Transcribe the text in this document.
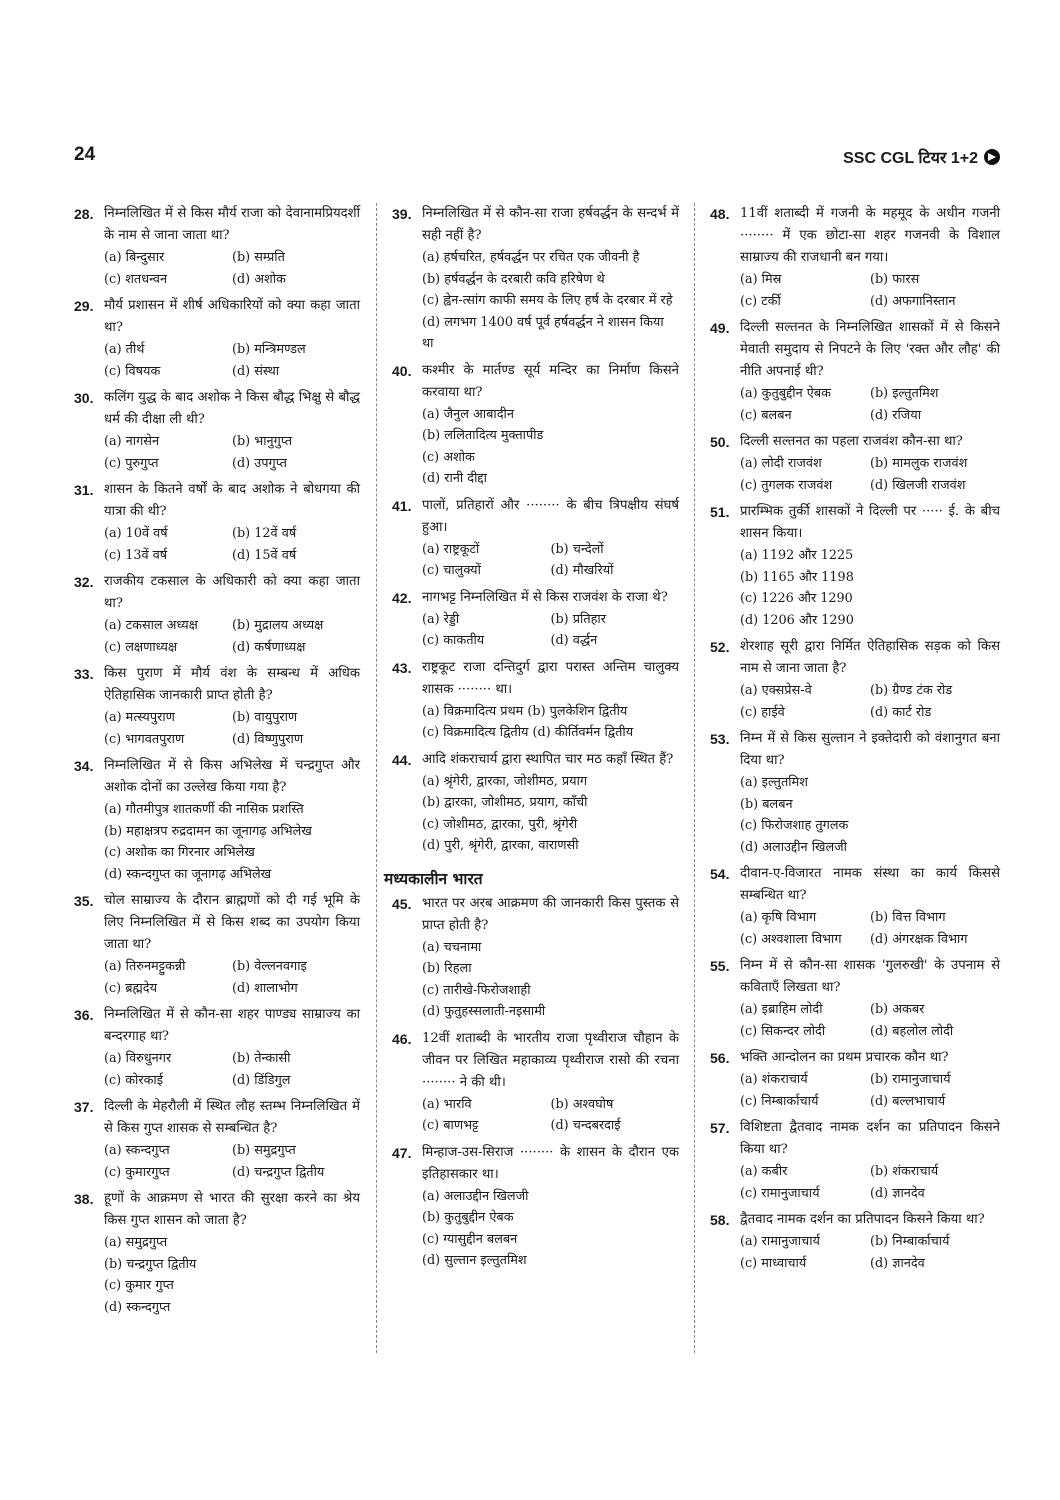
24	SSC CGL टियर 1+2
28. निम्नलिखित में से किस मौर्य राजा को देवानामप्रियदर्शी के नाम से जाना जाता था?
(a) बिन्दुसार	(b) सम्प्रति
(c) शतधन्वन	(d) अशोक
29. मौर्य प्रशासन में शीर्ष अधिकारियों को क्या कहा जाता था?
(a) तीर्थ	(b) मन्त्रिमण्डल
(c) विषयक	(d) संस्था
30. कलिंग युद्ध के बाद अशोक ने किस बौद्ध भिक्षु से बौद्ध धर्म की दीक्षा ली थी?
(a) नागसेन	(b) भानुगुप्त
(c) पुरुगुप्त	(d) उपगुप्त
31. शासन के कितने वर्षों के बाद अशोक ने बोधगया की यात्रा की थी?
(a) 10वें वर्ष	(b) 12वें वर्ष
(c) 13वें वर्ष	(d) 15वें वर्ष
32. राजकीय टकसाल के अधिकारी को क्या कहा जाता था?
(a) टकसाल अध्यक्ष	(b) मुद्रालय अध्यक्ष
(c) लक्षणाध्यक्ष	(d) कर्षणाध्यक्ष
33. किस पुराण में मौर्य वंश के सम्बन्ध में अधिक ऐतिहासिक जानकारी प्राप्त होती है?
(a) मत्स्यपुराण	(b) वायुपुराण
(c) भागवतपुराण	(d) विष्णुपुराण
34. निम्नलिखित में से किस अभिलेख में चन्द्रगुप्त और अशोक दोनों का उल्लेख किया गया है?
(a) गौतमीपुत्र शातकर्णी की नासिक प्रशस्ति
(b) महाक्षत्रप रुद्रदामन का जूनागढ़ अभिलेख
(c) अशोक का गिरनार अभिलेख
(d) स्कन्दगुप्त का जूनागढ़ अभिलेख
35. चोल साम्राज्य के दौरान ब्राह्मणों को दी गई भूमि के लिए निम्नलिखित में से किस शब्द का उपयोग किया जाता था?
(a) तिरुनमट्टुकन्नी	(b) वेल्लनवगाइ
(c) ब्रह्मदेय	(d) शालाभोग
36. निम्नलिखित में से कौन-सा शहर पाण्ड्य साम्राज्य का बन्दरगाह था?
(a) विरुधुनगर	(b) तेन्कासी
(c) कोरकाई	(d) डिंडिगुल
37. दिल्ली के मेहरौली में स्थित लौह स्तम्भ निम्नलिखित में से किस गुप्त शासक से सम्बन्धित है?
(a) स्कन्दगुप्त	(b) समुद्रगुप्त
(c) कुमारगुप्त	(d) चन्द्रगुप्त द्वितीय
38. हूणों के आक्रमण से भारत की सुरक्षा करने का श्रेय किस गुप्त शासन को जाता है?
(a) समुद्रगुप्त
(b) चन्द्रगुप्त द्वितीय
(c) कुमार गुप्त
(d) स्कन्दगुप्त
39. निम्नलिखित में से कौन-सा राजा हर्षवर्द्धन के सन्दर्भ में सही नहीं है?
(a) हर्षचरित, हर्षवर्द्धन पर रचित एक जीवनी है
(b) हर्षवर्द्धन के दरबारी कवि हरिषेण थे
(c) ह्वेन-त्सांग काफी समय के लिए हर्ष के दरबार में रहे
(d) लगभग 1400 वर्ष पूर्व हर्षवर्द्धन ने शासन किया था
40. कश्मीर के मार्तण्ड सूर्य मन्दिर का निर्माण किसने करवाया था?
(a) जैनुल आबादीन
(b) ललितादित्य मुक्तापीड
(c) अशोक
(d) रानी दीद्दा
41. पालों, प्रतिहारों और ········ के बीच त्रिपक्षीय संघर्ष हुआ।
(a) राष्ट्रकूटों	(b) चन्देलों
(c) चालुक्यों	(d) मौखरियों
42. नागभट्ट निम्नलिखित में से किस राजवंश के राजा थे?
(a) रेड्डी	(b) प्रतिहार
(c) काकतीय	(d) वर्द्धन
43. राष्ट्रकूट राजा दन्तिदुर्ग द्वारा परास्त अन्तिम चालुक्य शासक ········ था।
(a) विक्रमादित्य प्रथम (b) पुलकेशिन द्वितीय
(c) विक्रमादित्य द्वितीय (d) कीर्तिवर्मन द्वितीय
44. आदि शंकराचार्य द्वारा स्थापित चार मठ कहाँ स्थित हैं?
(a) श्रृंगेरी, द्वारका, जोशीमठ, प्रयाग
(b) द्वारका, जोशीमठ, प्रयाग, काँची
(c) जोशीमठ, द्वारका, पुरी, श्रृंगेरी
(d) पुरी, श्रृंगेरी, द्वारका, वाराणसी
मध्यकालीन भारत
45. भारत पर अरब आक्रमण की जानकारी किस पुस्तक से प्राप्त होती है?
(a) चचनामा
(b) रिहला
(c) तारीखे-फिरोजशाही
(d) फुतुहस्सलाती-नइसामी
46. 12वीं शताब्दी के भारतीय राजा पृथ्वीराज चौहान के जीवन पर लिखित महाकाव्य पृथ्वीराज रासो की रचना ········ ने की थी।
(a) भारवि	(b) अश्वघोष
(c) बाणभट्ट	(d) चन्दबरदाई
47. मिन्हाज-उस-सिराज ········ के शासन के दौरान एक इतिहासकार था।
(a) अलाउद्दीन खिलजी
(b) कुतुबुद्दीन ऐबक
(c) ग्यासुद्दीन बलबन
(d) सुल्तान इल्तुतमिश
48. 11वीं शताब्दी में गजनी के महमूद के अधीन गजनी ········ में एक छोटा-सा शहर गजनवी के विशाल साम्राज्य की राजधानी बन गया।
(a) मिस्र	(b) फारस
(c) टर्की	(d) अफगानिस्तान
49. दिल्ली सल्तनत के निम्नलिखित शासकों में से किसने मेवाती समुदाय से निपटने के लिए 'रक्त और लौह' की नीति अपनाई थी?
(a) कुतुबुद्दीन ऐबक	(b) इल्तुतमिश
(c) बलबन	(d) रजिया
50. दिल्ली सल्तनत का पहला राजवंश कौन-सा था?
(a) लोदी राजवंश	(b) मामलुक राजवंश
(c) तुगलक राजवंश	(d) खिलजी राजवंश
51. प्रारम्भिक तुर्की शासकों ने दिल्ली पर ····· ई. के बीच शासन किया।
(a) 1192 और 1225
(b) 1165 और 1198
(c) 1226 और 1290
(d) 1206 और 1290
52. शेरशाह सूरी द्वारा निर्मित ऐतिहासिक सड़क को किस नाम से जाना जाता है?
(a) एक्सप्रेस-वे	(b) ग्रैण्ड टंक रोड
(c) हाईवे	(d) कार्ट रोड
53. निम्न में से किस सुल्तान ने इक्तेदारी को वंशानुगत बना दिया था?
(a) इल्तुतमिश
(b) बलबन
(c) फिरोजशाह तुगलक
(d) अलाउद्दीन खिलजी
54. दीवान-ए-विजारत नामक संस्था का कार्य किससे सम्बन्धित था?
(a) कृषि विभाग	(b) वित्त विभाग
(c) अश्वशाला विभाग	(d) अंगरक्षक विभाग
55. निम्न में से कौन-सा शासक 'गुलरुखी' के उपनाम से कविताएँ लिखता था?
(a) इब्राहिम लोदी	(b) अकबर
(c) सिकन्दर लोदी	(d) बहलोल लोदी
56. भक्ति आन्दोलन का प्रथम प्रचारक कौन था?
(a) शंकराचार्य	(b) रामानुजाचार्य
(c) निम्बार्काचार्य	(d) बल्लभाचार्य
57. विशिष्टता द्वैतवाद नामक दर्शन का प्रतिपादन किसने किया था?
(a) कबीर	(b) शंकराचार्य
(c) रामानुजाचार्य	(d) ज्ञानदेव
58. द्वैतवाद नामक दर्शन का प्रतिपादन किसने किया था?
(a) रामानुजाचार्य	(b) निम्बार्काचार्य
(c) माध्वाचार्य	(d) ज्ञानदेव
